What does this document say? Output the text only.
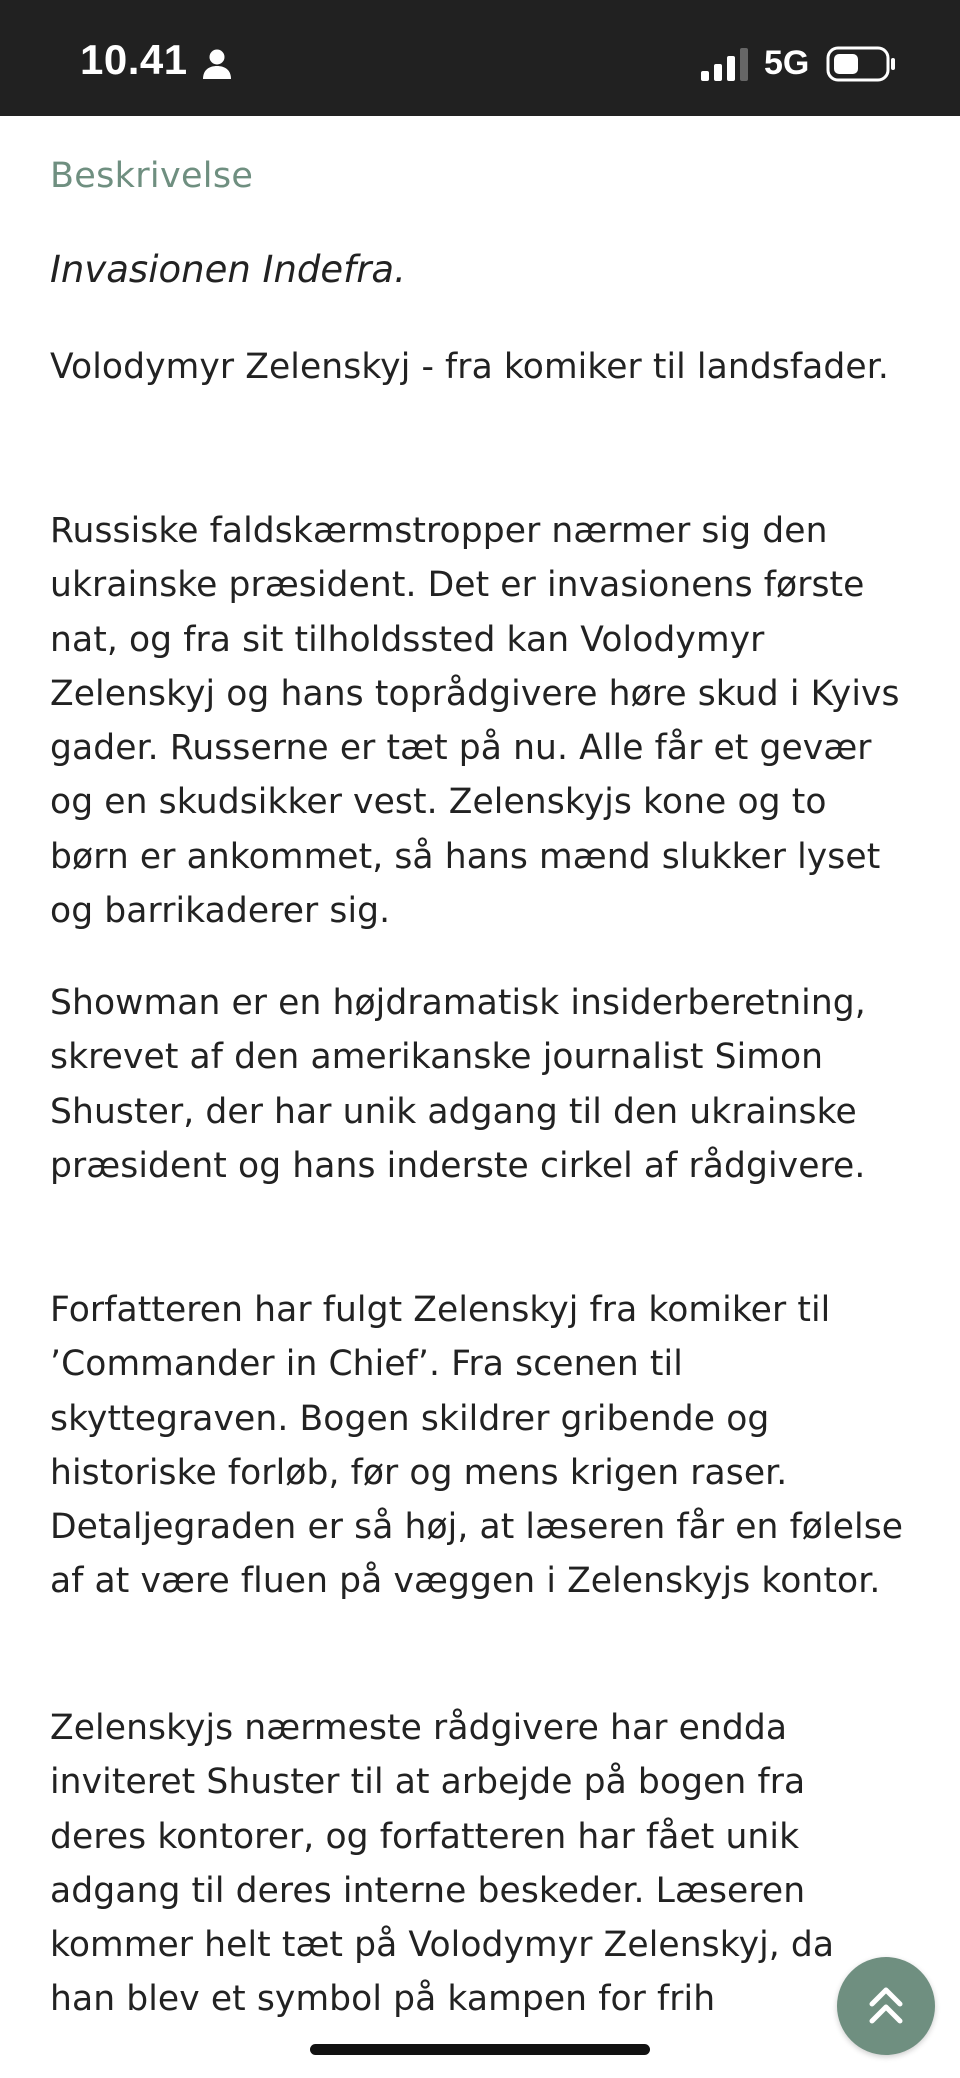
10.41	5G
Beskrivelse

Invasionen Indefra.

Volodymyr Zelenskyj - fra komiker til landsfader.

Russiske faldskærmstropper nærmer sig den ukrainske præsident. Det er invasionens første nat, og fra sit tilholdssted kan Volodymyr Zelenskyj og hans toprådgivere høre skud i Kyivs gader. Russerne er tæt på nu. Alle får et gevær og en skudsikker vest. Zelenskyjs kone og to børn er ankommet, så hans mænd slukker lyset og barrikaderer sig.

Showman er en højdramatisk insiderberetning, skrevet af den amerikanske journalist Simon Shuster, der har unik adgang til den ukrainske præsident og hans inderste cirkel af rådgivere.

Forfatteren har fulgt Zelenskyj fra komiker til ’Commander in Chief’. Fra scenen til skyttegraven. Bogen skildrer gribende og historiske forløb, før og mens krigen raser. Detaljegraden er så høj, at læseren får en følelse af at være fluen på væggen i Zelenskyjs kontor.

Zelenskyjs nærmeste rådgivere har endda inviteret Shuster til at arbejde på bogen fra deres kontorer, og forfatteren har fået unik adgang til deres interne beskeder. Læseren kommer helt tæt på Volodymyr Zelenskyj, da han blev et symbol på kampen for frih
